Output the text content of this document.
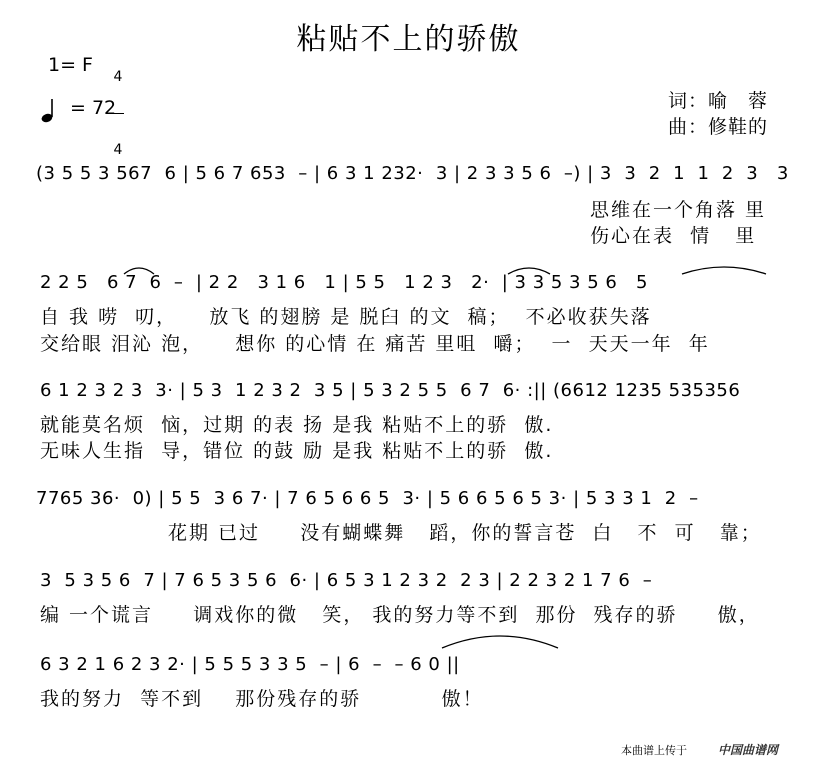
粘贴不上的骄傲
1= F

4

4

= 72	词：喻　蓉
曲：修鞋的
(3 5 5 3 567  6 | 5 6 7 653  – | 6 3 1 232·  3 | 2 3 3 5 6  –) | 3  3  2  1  1  2  3   3
思维在一个角落 里
伤心在表  情   里
2 2 5   6 7  6  –  | 2 2   3 1 6   1 | 5 5   1 2 3   2·  | 3 3 5 3 5 6   5
自 我 唠  叨，    放飞 的翅膀 是 脱臼 的文  稿；  不必收获失落
交给眼 泪沁 泡，    想你 的心情 在 痛苦 里咀  嚼；  一  天天一年  年
6 1 2 3 2 3  3· | 5 3  1 2 3 2  3 5 | 5 3 2 5 5  6 7  6· :|| (6612 1235 535356
就能莫名烦  恼，过期 的表 扬 是我 粘贴不上的骄  傲.
无味人生指  导，错位 的鼓 励 是我 粘贴不上的骄  傲.
7765 36·  0) | 5 5  3 6 7· | 7 6 5 6 6 5  3· | 5 6 6 5 6 5 3· | 5 3 3 1  2  –
花期 已过     没有蝴蝶舞   蹈，你的誓言苍  白   不  可   靠；
3  5 3 5 6  7 | 7 6 5 3 5 6  6· | 6 5 3 1 2 3 2  2 3 | 2 2 3 2 1 7 6  –
编 一个谎言     调戏你的微   笑， 我的努力等不到  那份  残存的骄     傲，
6 3 2 1 6 2 3 2· | 5 5 5 3 3 5  – | 6  –  – 6 0 ||
我的努力  等不到    那份残存的骄          傲！
本曲谱上传于	中国曲谱网
